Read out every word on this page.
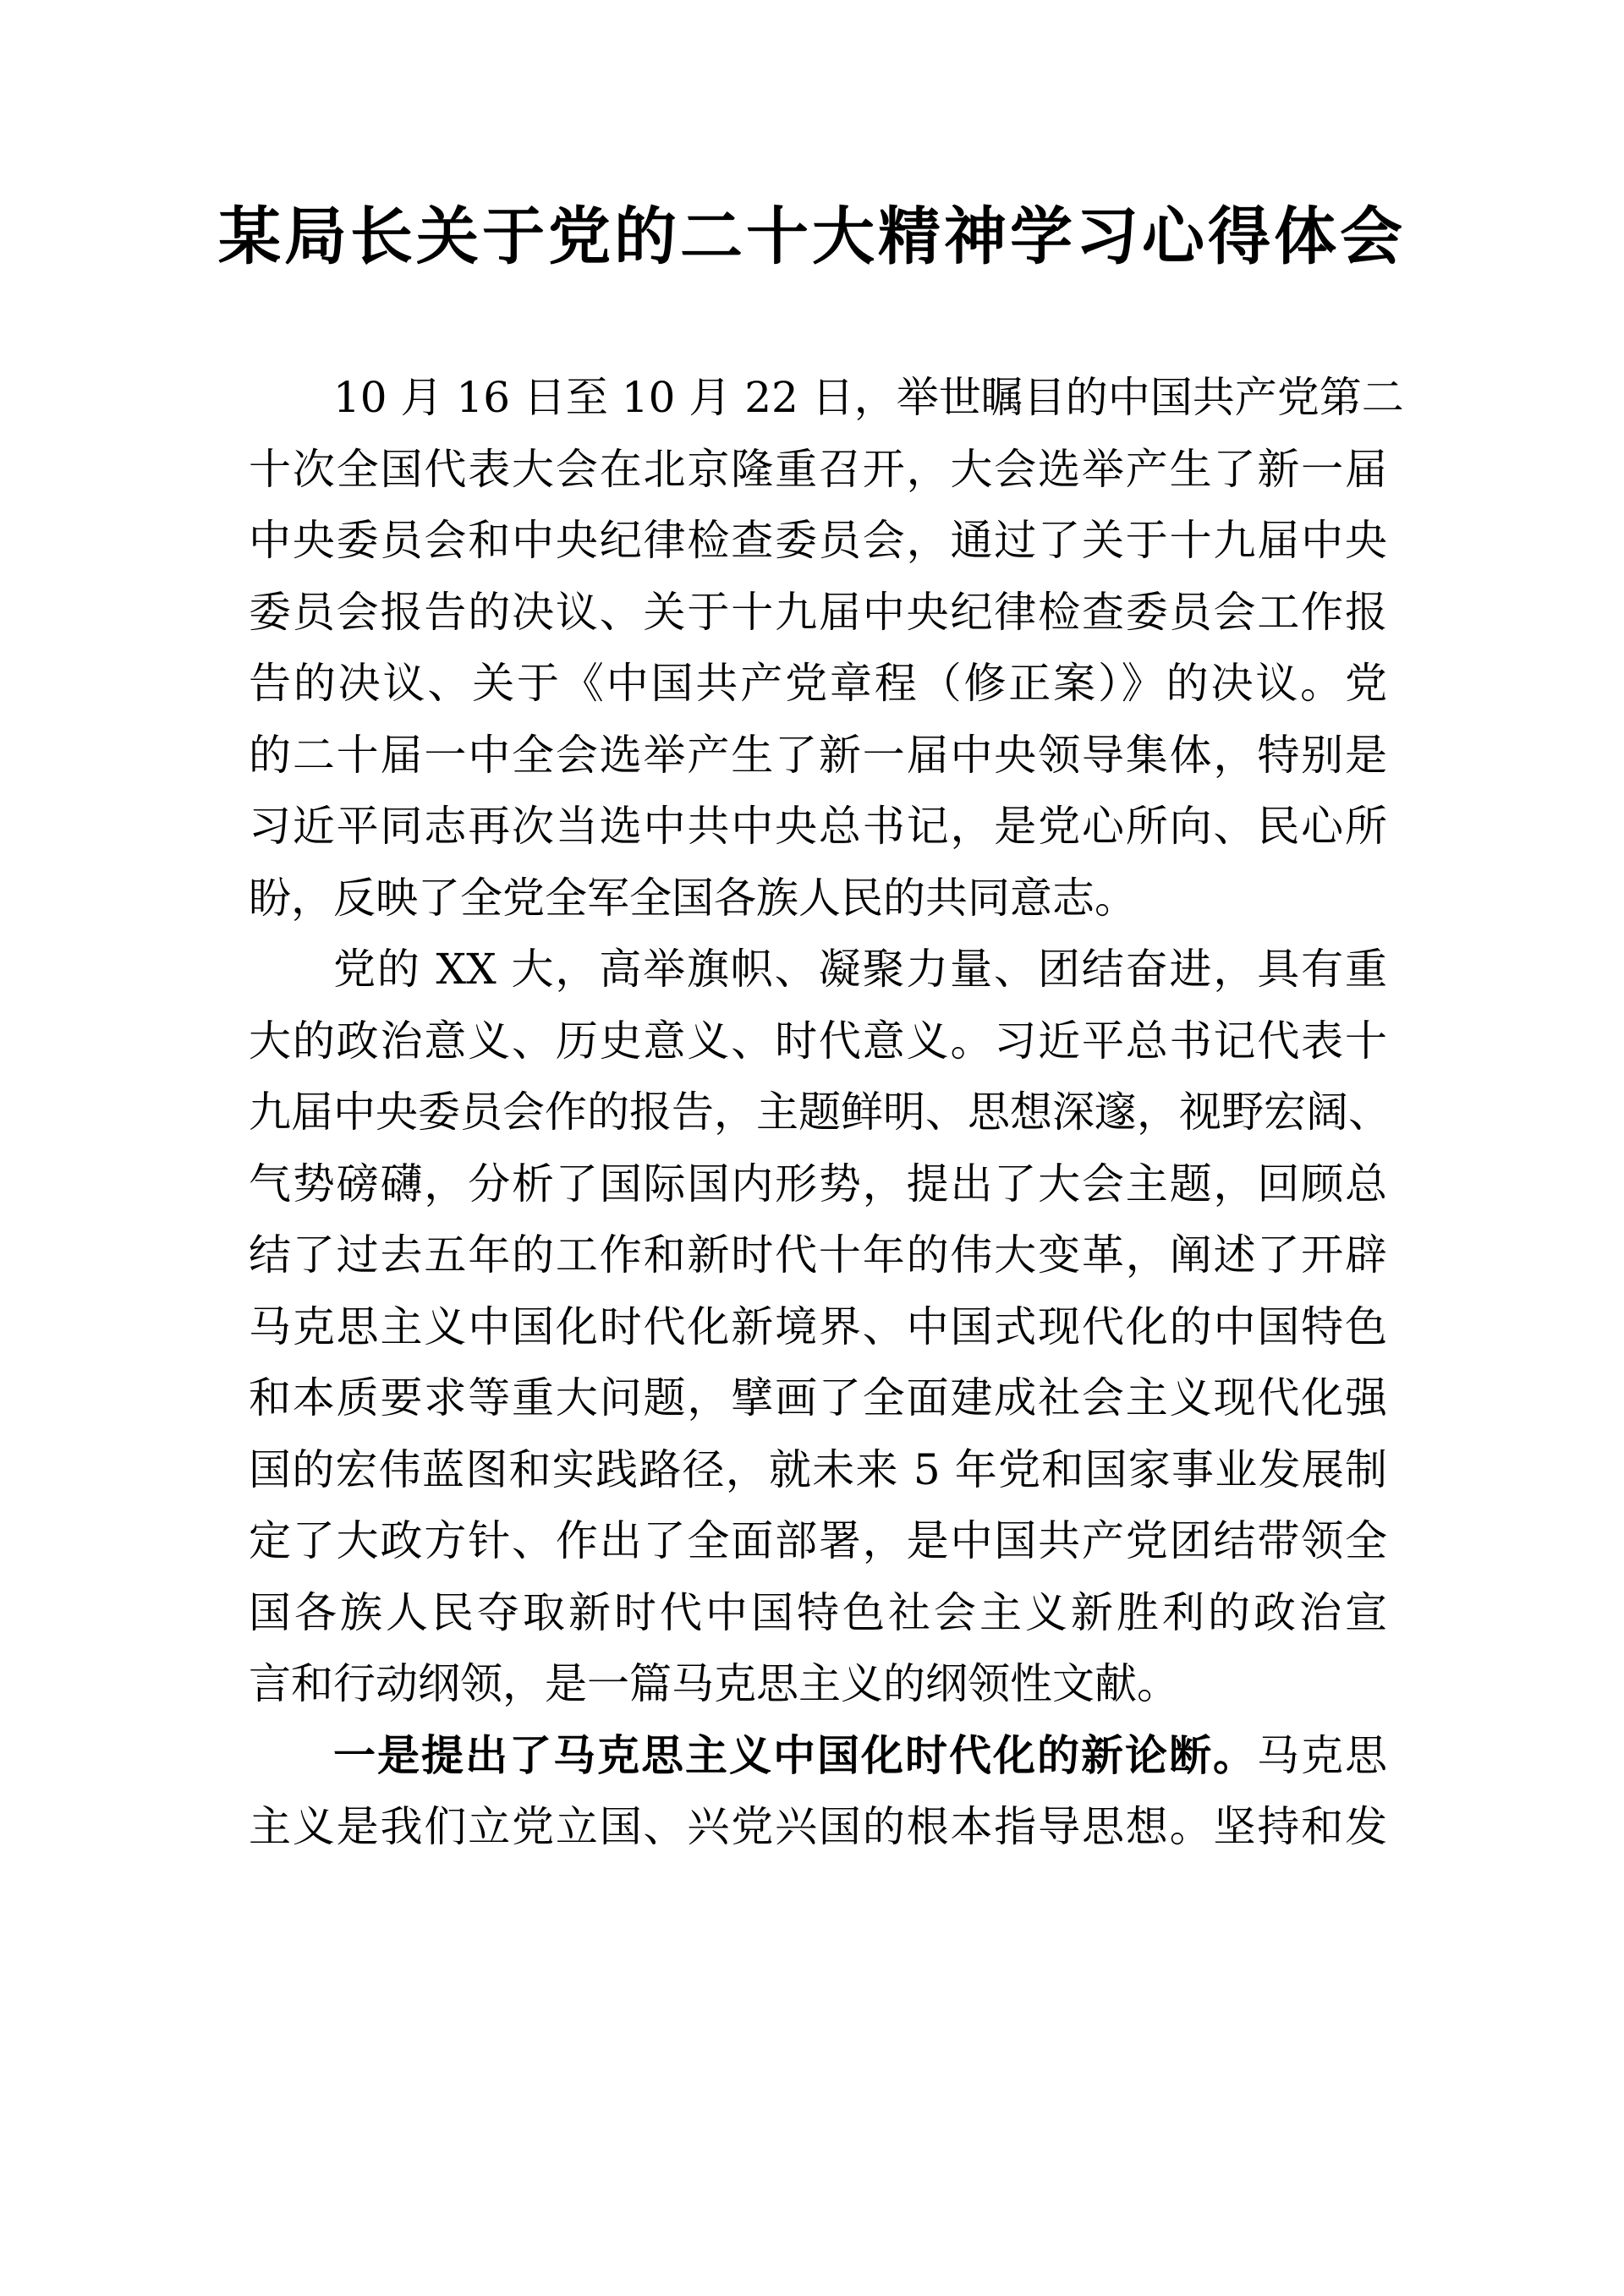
某局长关于党的二十大精神学习心得体会
10 月 16 日至 10 月 22 日，举世瞩目的中国共产党第二
十次全国代表大会在北京隆重召开，大会选举产生了新一届
中央委员会和中央纪律检查委员会，通过了关于十九届中央
委员会报告的决议、关于十九届中央纪律检查委员会工作报
告的决议、关于《中国共产党章程（修正案）》的决议。党
的二十届一中全会选举产生了新一届中央领导集体，特别是
习近平同志再次当选中共中央总书记，是党心所向、民心所
盼，反映了全党全军全国各族人民的共同意志。
党的 XX 大，高举旗帜、凝聚力量、团结奋进，具有重
大的政治意义、历史意义、时代意义。习近平总书记代表十
九届中央委员会作的报告，主题鲜明、思想深邃，视野宏阔、
气势磅礴，分析了国际国内形势，提出了大会主题，回顾总
结了过去五年的工作和新时代十年的伟大变革，阐述了开辟
马克思主义中国化时代化新境界、中国式现代化的中国特色
和本质要求等重大问题，擘画了全面建成社会主义现代化强
国的宏伟蓝图和实践路径，就未来 5 年党和国家事业发展制
定了大政方针、作出了全面部署，是中国共产党团结带领全
国各族人民夺取新时代中国特色社会主义新胜利的政治宣
言和行动纲领，是一篇马克思主义的纲领性文献。
一是提出了马克思主义中国化时代化的新论断。马克思
主义是我们立党立国、兴党兴国的根本指导思想。坚持和发
